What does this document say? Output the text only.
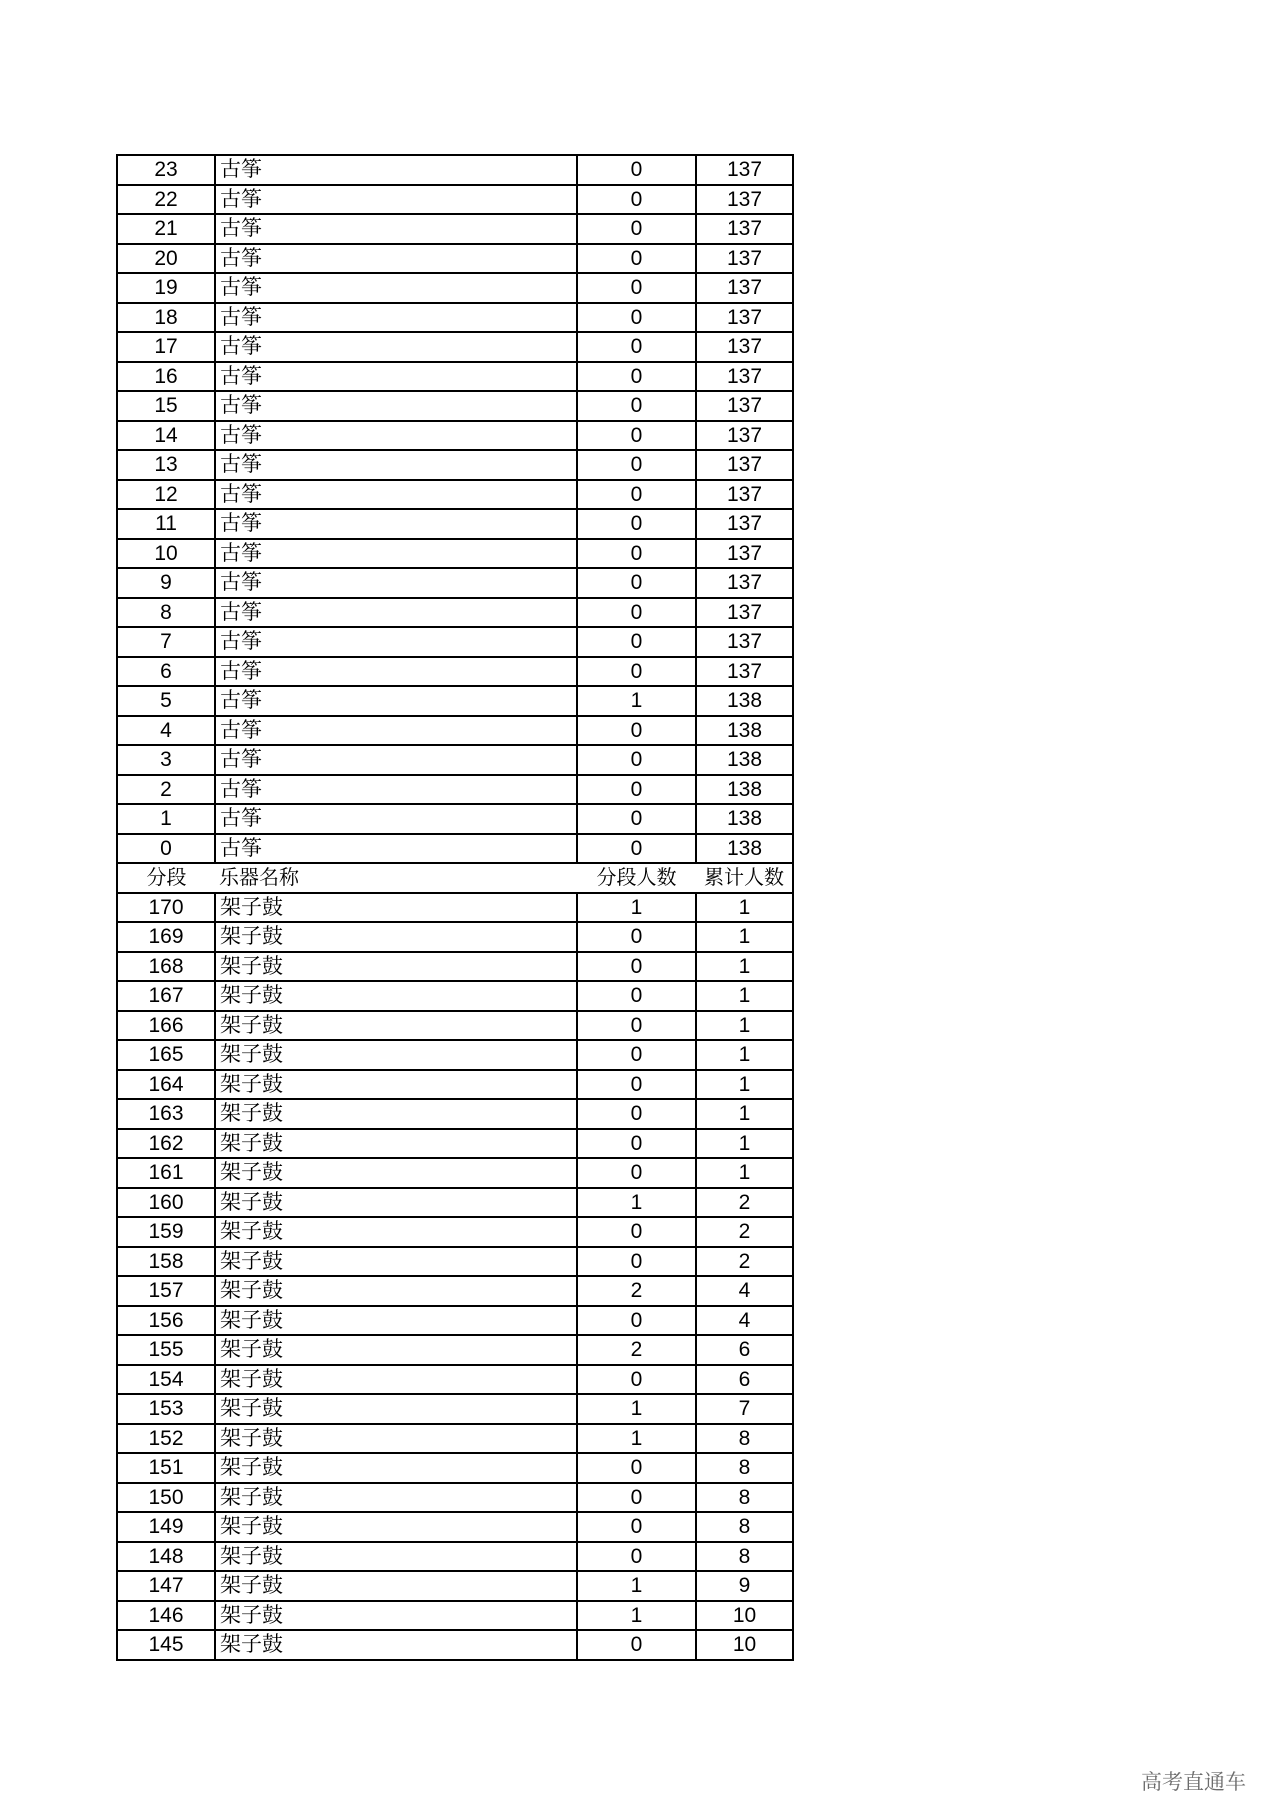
23	古筝	0	137
22	古筝	0	137
21	古筝	0	137
20	古筝	0	137
19	古筝	0	137
18	古筝	0	137
17	古筝	0	137
16	古筝	0	137
15	古筝	0	137
14	古筝	0	137
13	古筝	0	137
12	古筝	0	137
11	古筝	0	137
10	古筝	0	137
9	古筝	0	137
8	古筝	0	137
7	古筝	0	137
6	古筝	0	137
5	古筝	1	138
4	古筝	0	138
3	古筝	0	138
2	古筝	0	138
1	古筝	0	138
0	古筝	0	138
分段	乐器名称	分段人数	累计人数
170	架子鼓	1	1
169	架子鼓	0	1
168	架子鼓	0	1
167	架子鼓	0	1
166	架子鼓	0	1
165	架子鼓	0	1
164	架子鼓	0	1
163	架子鼓	0	1
162	架子鼓	0	1
161	架子鼓	0	1
160	架子鼓	1	2
159	架子鼓	0	2
158	架子鼓	0	2
157	架子鼓	2	4
156	架子鼓	0	4
155	架子鼓	2	6
154	架子鼓	0	6
153	架子鼓	1	7
152	架子鼓	1	8
151	架子鼓	0	8
150	架子鼓	0	8
149	架子鼓	0	8
148	架子鼓	0	8
147	架子鼓	1	9
146	架子鼓	1	10
145	架子鼓	0	10
高考直通车
